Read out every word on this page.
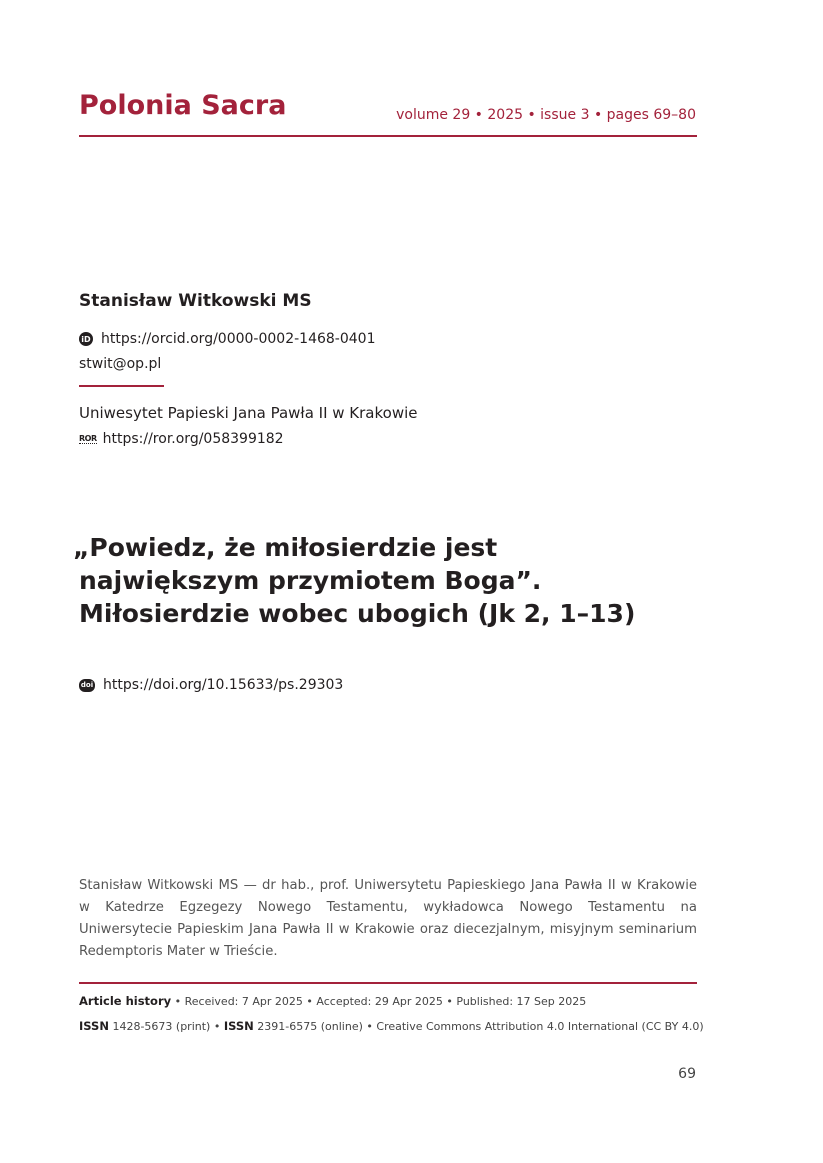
Polonia Sacra	volume 29 • 2025 • issue 3 • pages 69–80
Stanisław Witkowski MS
iD https://orcid.org/0000-0002-1468-0401
stwit@op.pl
Uniwesytet Papieski Jana Pawła II w Krakowie
ROR https://ror.org/058399182
„Powiedz, że miłosierdzie jest
największym przymiotem Boga”.
Miłosierdzie wobec ubogich (Jk 2, 1–13)
doi https://doi.org/10.15633/ps.29303
Stanisław Witkowski MS — dr hab., prof. Uniwersytetu Papieskiego Jana Pawła II w Krakowie w Katedrze Egzegezy Nowego Testamentu, wykładowca Nowego Testamentu na Uniwersytecie Papieskim Jana Pawła II w Krakowie oraz diecezjalnym, misyjnym seminarium Redemptoris Mater w Trieście.
Article history • Received: 7 Apr 2025 • Accepted: 29 Apr 2025 • Published: 17 Sep 2025
ISSN 1428-5673 (print) • ISSN 2391-6575 (online) • Creative Commons Attribution 4.0 International (CC BY 4.0)
69
